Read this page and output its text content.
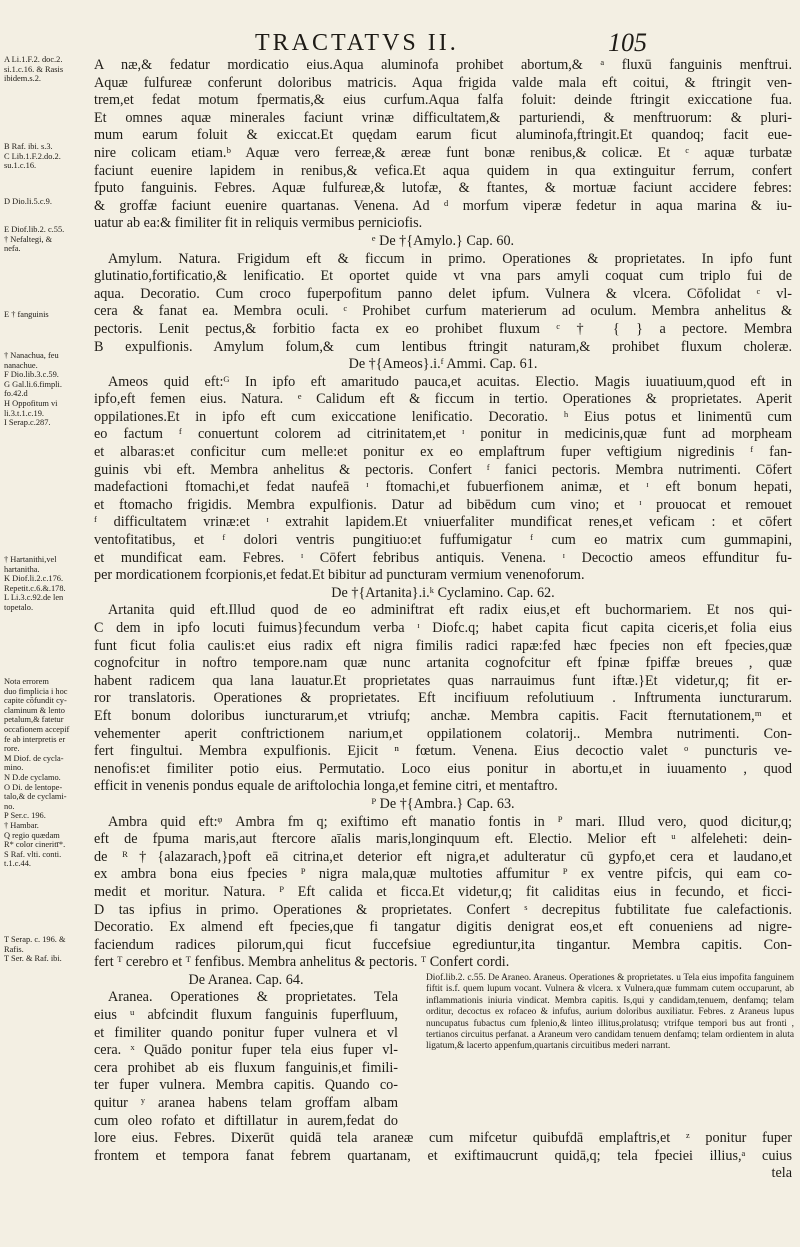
TRACTATVS II.	105
A Li.1.F.2. doc.2.
si.1.c.16. & Rasis
ibidem.s.2.
B Raf. ibi. s.3.
C Lib.1.F.2.do.2.
su.1.c.16.
D Dio.li.5.c.9.
E Diof.lib.2. c.55.
† Nefaltegi, &
nefa.
E † fanguinis
† Nanachua, feu
nanachue.
F Dio.lib.3.c.59.
G Gal.li.6.fimpli.
fo.42.d
H Oppofitum vi
li.3.t.1.c.19.
I Serap.c.287.
† Hartanithi,vel
hartanitha.
K Diof.li.2.c.176.
Repetit.c.6.&.178.
L Li.3.c.92.de len
topetalo.
Nota errorem
duo fimplicia i hoc
capite cōfundit cy-
claminum & lento
petalum,& fatetur
occafionem accepif
fe ab interpretis er
rore.
M Diof. de cycla-
mino.
N D.de cyclamo.
O Di. de lentope-
talo,& de cyclami-
no.
P Ser.c. 196.
† Hambar.
Q regio quædam
R* color cineritī*.
S Raf. vlti. conti.
t.1.c.44.
T Serap. c. 196. &
Rafis.
T Ser. & Raf. ibi.
A næ,& fedatur mordicatio eius.Aqua aluminofa prohibet abortum,& ᵃ fluxū fanguinis menftrui.
Aquæ fulfureæ conferunt doloribus matricis. Aqua frigida valde mala eft coitui, & ftringit ven-
trem,et fedat motum fpermatis,& eius curfum.Aqua falfa foluit: deinde ftringit exiccatione fua.
Et omnes aquæ minerales faciunt vrinæ difficultatem,& parturiendi, & menftruorum: & pluri-
mum earum foluit & exiccat.Et quędam earum ficut aluminofa,ftringit.Et quandoq; facit eue-
nire colicam etiam.ᵇ Aquæ vero ferreæ,& æreæ funt bonæ renibus,& colicæ. Et ᶜ aquæ turbatæ
faciunt euenire lapidem in renibus,& vefica.Et aqua quidem in qua extinguitur ferrum, confert
fputo fanguinis. Febres. Aquæ fulfureæ,& lutofæ, & ftantes, & mortuæ faciunt accidere febres:
& groffæ faciunt euenire quartanas. Venena. Ad ᵈ morfum viperæ fedetur in aqua marina & iu-
uatur ab ea:& fimiliter fit in reliquis vermibus perniciofis.
ᵉ De †{Amylo.} Cap. 60.
Amylum. Natura. Frigidum eft & ficcum in primo. Operationes & proprietates. In ipfo funt
glutinatio,fortificatio,& lenificatio. Et oportet quide vt vna pars amyli coquat cum triplo fui de
aqua. Decoratio. Cum croco fuperpofitum panno delet ipfum. Vulnera & vlcera. Cōfolidat ᶜ vl-
cera & fanat ea. Membra oculi. ᶜ Prohibet curfum materierum ad oculum. Membra anhelitus &
pectoris. Lenit pectus,& forbitio facta ex eo prohibet fluxum ᶜ † { } a pectore. Membra
B expulfionis. Amylum folum,& cum lentibus ftringit naturam,& prohibet fluxum choleræ.
De †{Ameos}.i.ᶠ Ammi. Cap. 61.
Ameos quid eft:ᴳ In ipfo eft amaritudo pauca,et acuitas. Electio. Magis iuuatiuum,quod eft in
ipfo,eft femen eius. Natura. ᵉ Calidum eft & ficcum in tertio. Operationes & proprietates. Aperit
oppilationes.Et in ipfo eft cum exiccatione lenificatio. Decoratio. ʰ Eius potus et linimentū cum
eo factum ᶠ conuertunt colorem ad citrinitatem,et ᶦ ponitur in medicinis,quæ funt ad morpheam
et albaras:et conficitur cum melle:et ponitur ex eo emplaftrum fuper veftigium nigredinis ᶠ fan-
guinis vbi eft. Membra anhelitus & pectoris. Confert ᶠ fanici pectoris. Membra nutrimenti. Cōfert
madefactioni ftomachi,et fedat naufeā ᶦ ftomachi,et fubuerfionem animæ, et ᶦ eft bonum hepati,
et ftomacho frigidis. Membra expulfionis. Datur ad bibēdum cum vino; et ᶦ prouocat et remouet
ᶠ difficultatem vrinæ:et ᶦ extrahit lapidem.Et vniuerfaliter mundificat renes,et veficam : et cōfert
ventofitatibus, et ᶠ dolori ventris pungitiuo:et fuffumigatur ᶠ cum eo matrix cum gummapini,
et mundificat eam. Febres. ᶦ Cōfert febribus antiquis. Venena. ᶦ Decoctio ameos effunditur fu-
per mordicationem fcorpionis,et fedat.Et bibitur ad puncturam vermium venenoforum.
De †{Artanita}.i.ᵏ Cyclamino. Cap. 62.
Artanita quid eft.Illud quod de eo adminiftrat eft radix eius,et eft buchormariem. Et nos qui-
C dem in ipfo locuti fuimus}fecundum verba ᶦ Diofc.q; habet capita ficut capita ciceris,et folia eius
funt ficut folia caulis:et eius radix eft nigra fimilis radici rapæ:fed hæc fpecies non eft fpecies,quæ
cognofcitur in noftro tempore.nam quæ nunc artanita cognofcitur eft fpinæ fpiffæ breues , quæ
habent radicem qua lana lauatur.Et proprietates quas narrauimus funt iftæ.}Et videtur,q; fit er-
ror translatoris. Operationes & proprietates. Eft incifiuum refolutiuum . Inftrumenta iuncturarum.
Eft bonum doloribus iuncturarum,et vtriufq; anchæ. Membra capitis. Facit fternutationem,ᵐ et
vehementer aperit conftrictionem narium,et oppilationem colatorij.. Membra nutrimenti. Con-
fert fingultui. Membra expulfionis. Ejicit ⁿ fœtum. Venena. Eius decoctio valet ᵒ puncturis ve-
nenofis:et fimiliter potio eius. Permutatio. Loco eius ponitur in abortu,et in iuuamento , quod
efficit in venenis pondus equale de ariftolochia longa,et femine citri, et mentaftro.
ᴾ De †{Ambra.} Cap. 63.
Ambra quid eft:ᵠ Ambra fm q; exiftimo eft manatio fontis in ᴾ mari. Illud vero, quod dicitur,q;
eft de fpuma maris,aut ftercore aīalis maris,longinquum eft. Electio. Melior eft ᵘ alfeleheti: dein-
de ᴿ†{alazarach,}poft eā citrina,et deterior eft nigra,et adulteratur cū gypfo,et cera et laudano,et
ex ambra bona eius fpecies ᴾ nigra mala,quæ multoties affumitur ᴾ ex ventre pifcis, qui eam co-
medit et moritur. Natura. ᴾ Eft calida et ficca.Et videtur,q; fit caliditas eius in fecundo, et ficci-
D tas ipfius in primo. Operationes & proprietates. Confert ˢ decrepitus fubtilitate fue calefactionis.
Decoratio. Ex almend eft fpecies,que fi tangatur digitis denigrat eos,et eft conueniens ad nigre-
faciendum radices pilorum,qui ficut fuccefsiue egrediuntur,ita tingantur. Membra capitis. Con-
fert ᵀ cerebro et ᵀ fenfibus. Membra anhelitus & pectoris. ᵀ Confert cordi.
De Aranea. Cap. 64.
Aranea. Operationes & proprietates. Tela
eius ᵘ abfcindit fluxum fanguinis fuperfluum,
et fimiliter quando ponitur fuper vulnera et vl
cera. ˣ Quādo ponitur fuper tela eius fuper vl-
cera prohibet ab eis fluxum fanguinis,et fimili-
ter fuper vulnera. Membra capitis. Quando co-
quitur ʸ aranea habens telam groffam albam
cum oleo rofato et diftillatur in aurem,fedat do
Diof.lib.2. c.55. De Araneo. Araneus. Operationes & proprietates. u Tela eius impofita fanguinem fiftit is.f. quem lupum vocant. Vulnera & vlcera. x Vulnera,quæ fummam cutem occuparunt, ab inflammationis iniuria vindicat. Membra capitis. Is,qui y candidam,tenuem, denfamq; telam orditur, decoctus ex rofaceo & infufus, aurium doloribus auxiliatur. Febres. z Araneus lupus nuncupatus fubactus cum fplenio,& linteo illitus,prolatusq; vtrifque tempori bus aut fronti , tertianos circuitus perfanat. a Araneum vero candidam tenuem denfamq; telam ordientem in aluta ligatum,& lacerto appenfum,quartanis circuitibus mederi narrant.
lore eius. Febres. Dixerūt quidā tela araneæ cum mifcetur quibufdā emplaftris,et ᶻ ponitur fuper
frontem et tempora fanat febrem quartanam, et exiftimaucrunt quidā,q; tela fpeciei illius,ᵃ cuius
tela
